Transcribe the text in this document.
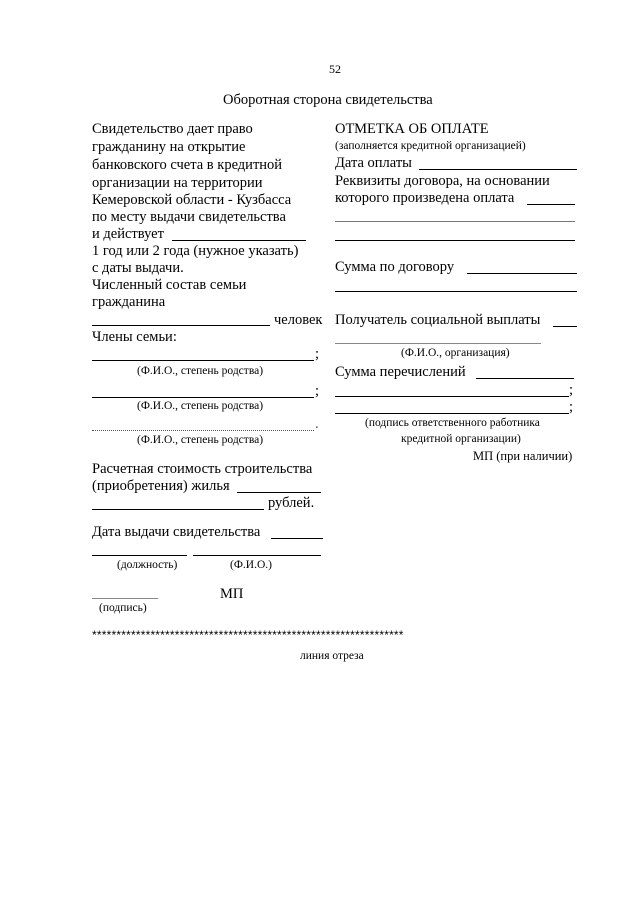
52
Оборотная сторона свидетельства
Свидетельство дает право
гражданину на открытие
банковского счета в кредитной
организации на территории
Кемеровской области - Кузбасса
по месту выдачи свидетельства
и действует
1 год или 2 года (нужное указать)
с даты выдачи.
Численный состав семьи
гражданина
человек
Члены семьи:
;
(Ф.И.О., степень родства)
;
(Ф.И.О., степень родства)
.
(Ф.И.О., степень родства)
Расчетная стоимость строительства
(приобретения) жилья
рублей.
Дата выдачи свидетельства
(должность)	(Ф.И.О.)
МП
(подпись)
ОТМЕТКА ОБ ОПЛАТЕ
(заполняется кредитной организацией)
Дата оплаты
Реквизиты договора, на основании
которого произведена оплата
Сумма по договору
Получатель социальной выплаты
(Ф.И.О., организация)
Сумма перечислений
;
;
(подпись ответственного работника
кредитной организации)
МП (при наличии)
****************************************************************
линия отреза
